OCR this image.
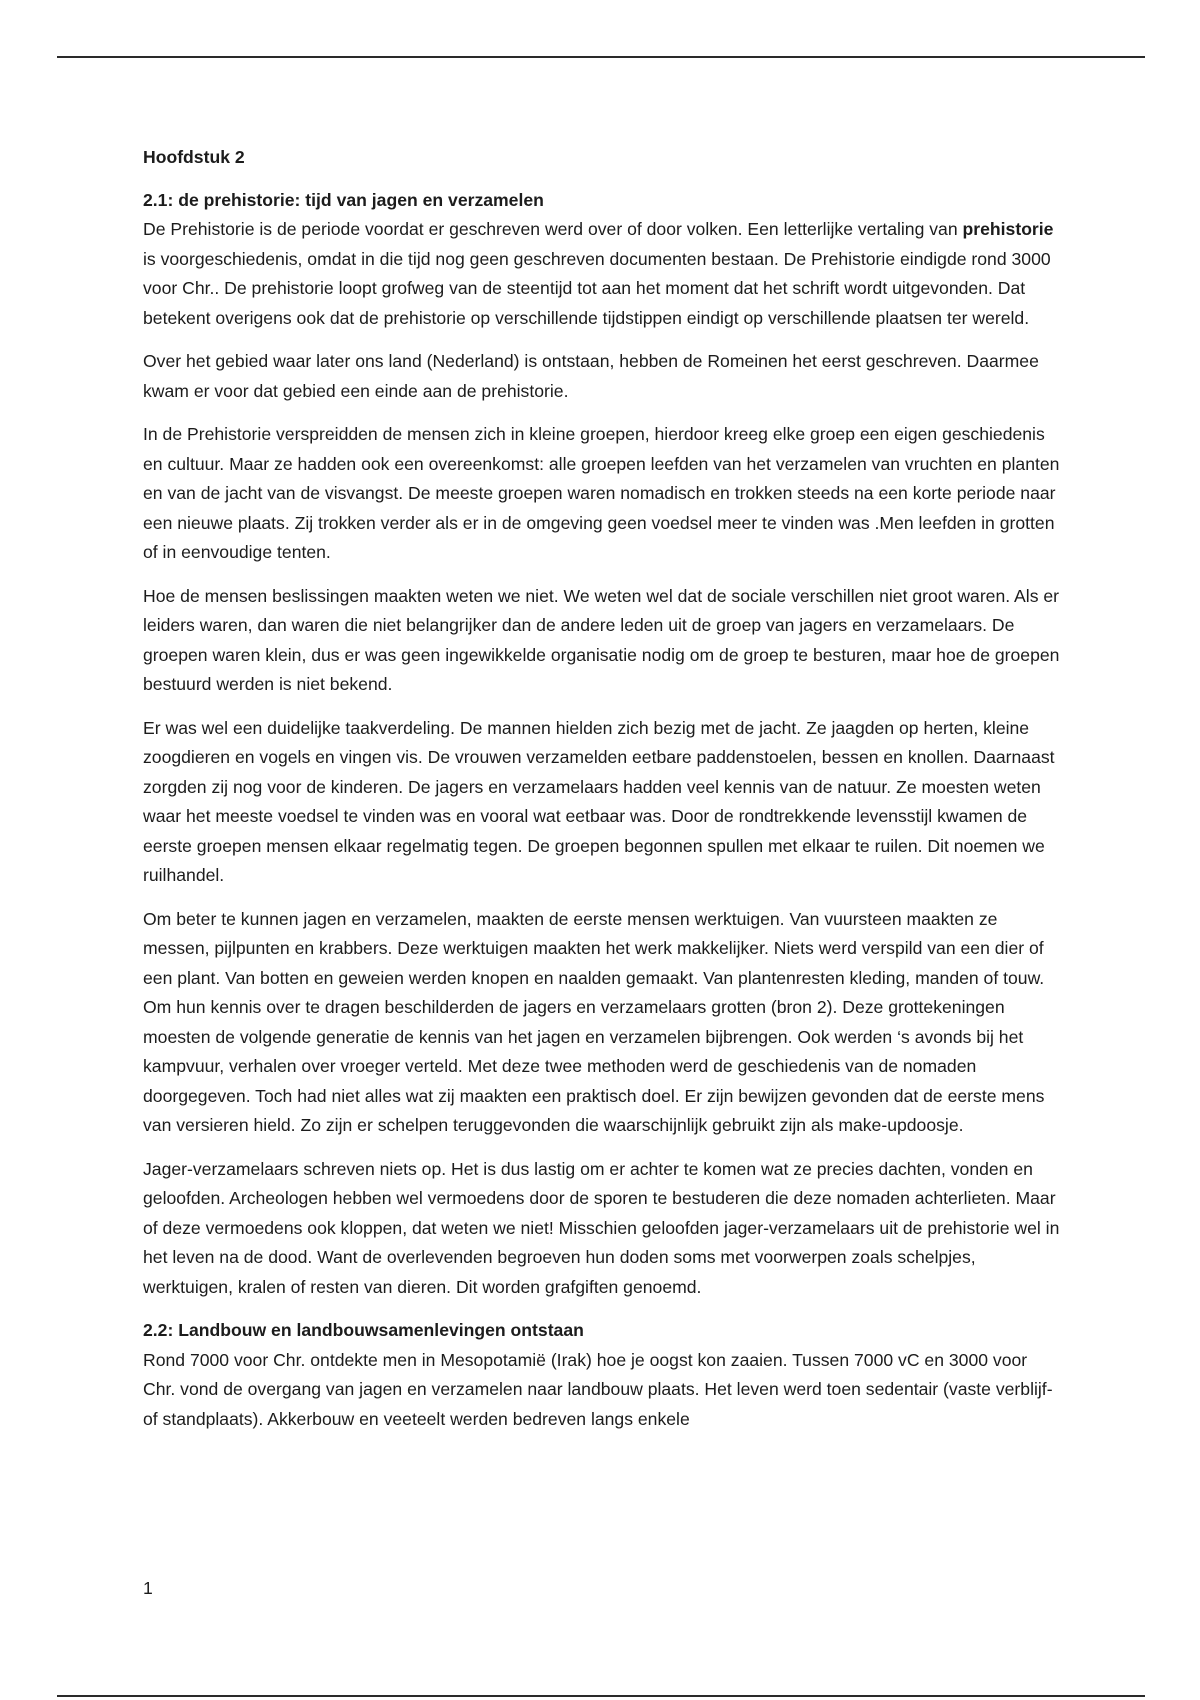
Hoofdstuk 2
2.1: de prehistorie: tijd van jagen en verzamelen

De Prehistorie is de periode voordat er geschreven werd over of door volken. Een letterlijke vertaling van prehistorie is voorgeschiedenis, omdat in die tijd nog geen geschreven documenten bestaan. De Prehistorie eindigde rond 3000 voor Chr.. De prehistorie loopt grofweg van de steentijd tot aan het moment dat het schrift wordt uitgevonden. Dat betekent overigens ook dat de prehistorie op verschillende tijdstippen eindigt op verschillende plaatsen ter wereld.

Over het gebied waar later ons land (Nederland) is ontstaan, hebben de Romeinen het eerst geschreven. Daarmee kwam er voor dat gebied een einde aan de prehistorie.

In de Prehistorie verspreidden de mensen zich in kleine groepen, hierdoor kreeg elke groep een eigen geschiedenis en cultuur. Maar ze hadden ook een overeenkomst: alle groepen leefden van het verzamelen van vruchten en planten en van de jacht van de visvangst. De meeste groepen waren nomadisch en trokken steeds na een korte periode naar een nieuwe plaats. Zij trokken verder als er in de omgeving geen voedsel meer te vinden was .Men leefden in grotten of in eenvoudige tenten.

Hoe de mensen beslissingen maakten weten we niet. We weten wel dat de sociale verschillen niet groot waren. Als er leiders waren, dan waren die niet belangrijker dan de andere leden uit de groep van jagers en verzamelaars. De groepen waren klein, dus er was geen ingewikkelde organisatie nodig om de groep te besturen, maar hoe de groepen bestuurd werden is niet bekend.

Er was wel een duidelijke taakverdeling. De mannen hielden zich bezig met de jacht. Ze jaagden op herten, kleine zoogdieren en vogels en vingen vis. De vrouwen verzamelden eetbare paddenstoelen, bessen en knollen. Daarnaast zorgden zij nog voor de kinderen. De jagers en verzamelaars hadden veel kennis van de natuur. Ze moesten weten waar het meeste voedsel te vinden was en vooral wat eetbaar was. Door de rondtrekkende levensstijl kwamen de eerste groepen mensen elkaar regelmatig tegen. De groepen begonnen spullen met elkaar te ruilen. Dit noemen we ruilhandel.

Om beter te kunnen jagen en verzamelen, maakten de eerste mensen werktuigen. Van vuursteen maakten ze messen, pijlpunten en krabbers. Deze werktuigen maakten het werk makkelijker. Niets werd verspild van een dier of een plant. Van botten en geweien werden knopen en naalden gemaakt. Van plantenresten kleding, manden of touw. Om hun kennis over te dragen beschilderden de jagers en verzamelaars grotten (bron 2). Deze grottekeningen moesten de volgende generatie de kennis van het jagen en verzamelen bijbrengen. Ook werden ‘s avonds bij het kampvuur, verhalen over vroeger verteld. Met deze twee methoden werd de geschiedenis van de nomaden doorgegeven. Toch had niet alles wat zij maakten een praktisch doel. Er zijn bewijzen gevonden dat de eerste mens van versieren hield. Zo zijn er schelpen teruggevonden die waarschijnlijk gebruikt zijn als make-updoosje.

Jager-verzamelaars schreven niets op. Het is dus lastig om er achter te komen wat ze precies dachten, vonden en geloofden. Archeologen hebben wel vermoedens door de sporen te bestuderen die deze nomaden achterlieten. Maar of deze vermoedens ook kloppen, dat weten we niet! Misschien geloofden jager-verzamelaars uit de prehistorie wel in het leven na de dood. Want de overlevenden begroeven hun doden soms met voorwerpen zoals schelpjes, werktuigen, kralen of resten van dieren. Dit worden grafgiften genoemd.

2.2: Landbouw en landbouwsamenlevingen ontstaan

Rond 7000 voor Chr. ontdekte men in Mesopotamië (Irak) hoe je oogst kon zaaien. Tussen 7000 vC en 3000 voor Chr. vond de overgang van jagen en verzamelen naar landbouw plaats. Het leven werd toen sedentair (vaste verblijf- of standplaats). Akkerbouw en veeteelt werden bedreven langs enkele

1
